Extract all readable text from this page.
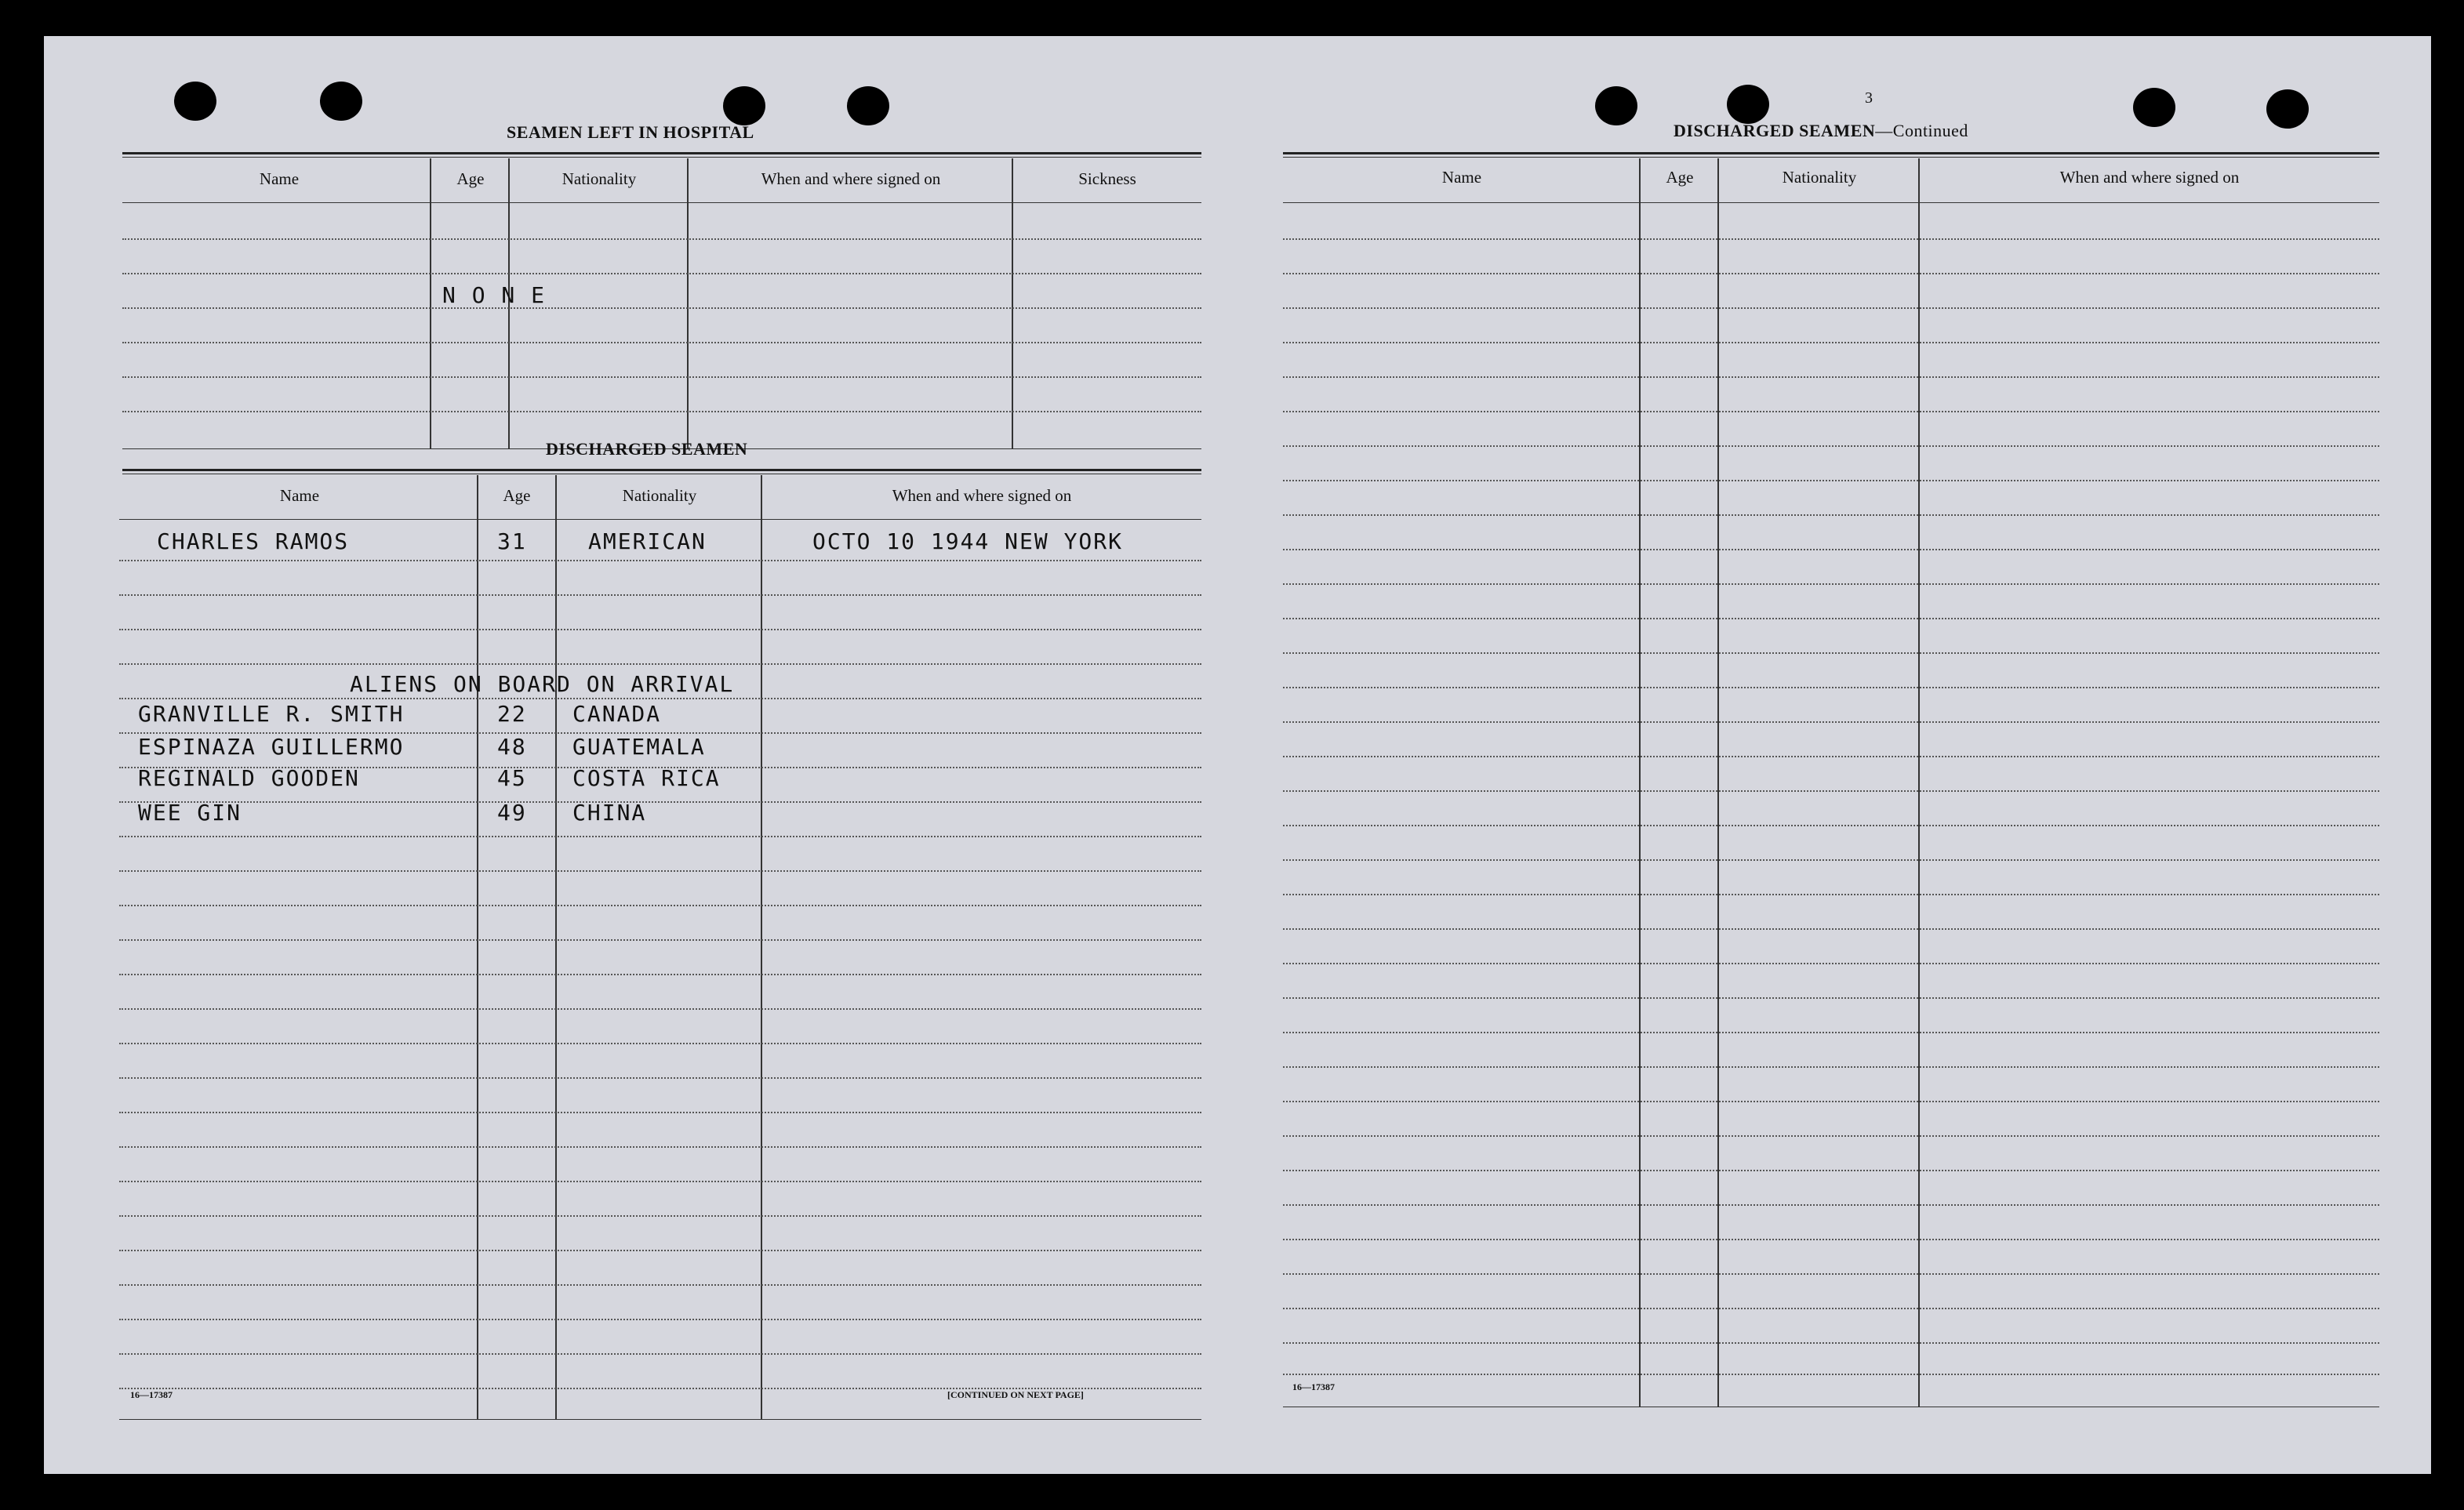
SEAMEN LEFT IN HOSPITAL
Name	Age	Nationality	When and where signed on	Sickness
N O N E
DISCHARGED SEAMEN
Name	Age	Nationality	When and where signed on
CHARLES RAMOS	31	AMERICAN	OCTO 10 1944 NEW YORK
ALIENS ON BOARD ON ARRIVAL
GRANVILLE R. SMITH	22 CANADA
ESPINAZA GUILLERMO	48 GUATEMALA
REGINALD GOODEN	45 COSTA RICA
WEE GIN	49 CHINA
16—17387	[CONTINUED ON NEXT PAGE]
3
DISCHARGED SEAMEN—Continued
Name	Age	Nationality	When and where signed on
16—17387
